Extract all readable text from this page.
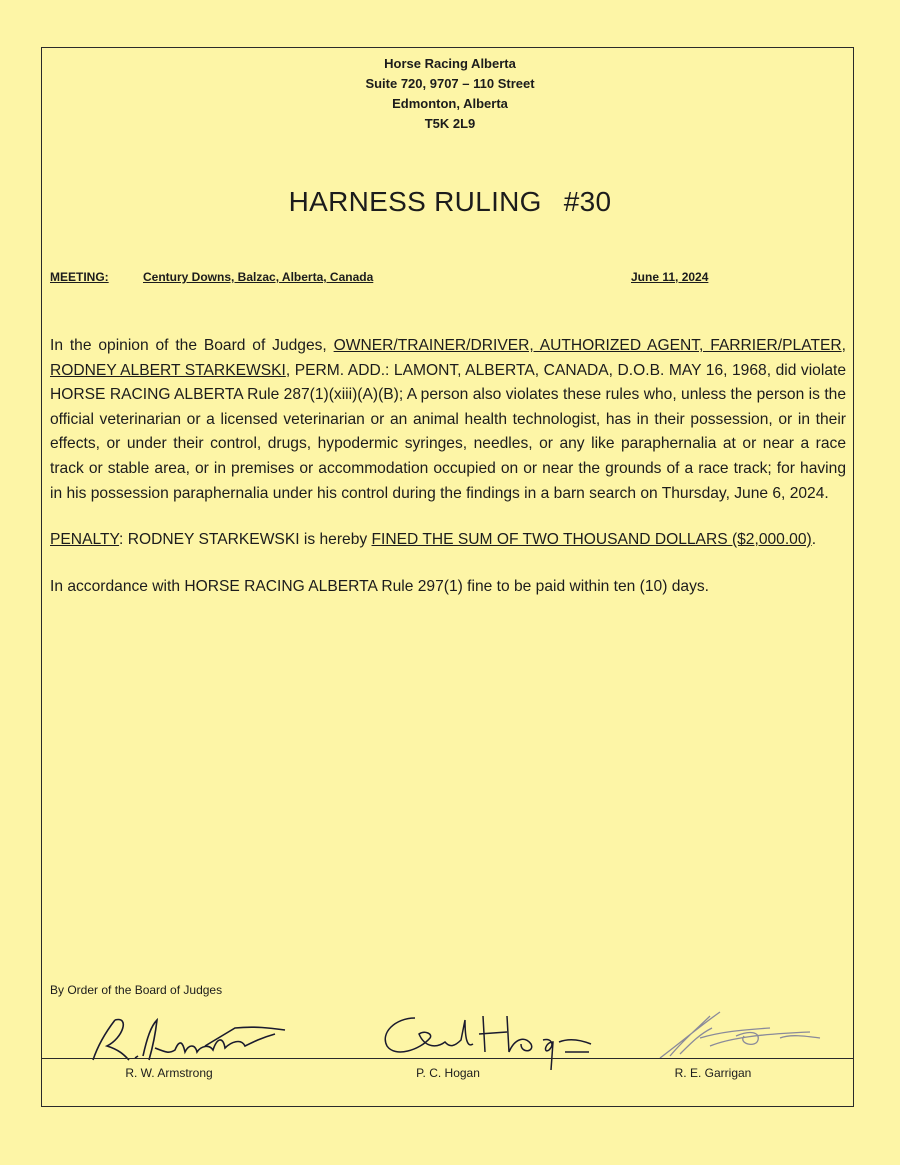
Horse Racing Alberta
Suite 720, 9707 – 110 Street
Edmonton, Alberta
T5K 2L9
HARNESS RULING #30
MEETING:	Century Downs, Balzac, Alberta, Canada	June 11, 2024

In the opinion of the Board of Judges, OWNER/TRAINER/DRIVER, AUTHORIZED AGENT, FARRIER/PLATER, RODNEY ALBERT STARKEWSKI, PERM. ADD.: LAMONT, ALBERTA, CANADA, D.O.B. MAY 16, 1968, did violate HORSE RACING ALBERTA Rule 287(1)(xiii)(A)(B); A person also violates these rules who, unless the person is the official veterinarian or a licensed veterinarian or an animal health technologist, has in their possession, or in their effects, or under their control, drugs, hypodermic syringes, needles, or any like paraphernalia at or near a race track or stable area, or in premises or accommodation occupied on or near the grounds of a race track; for having in his possession paraphernalia under his control during the findings in a barn search on Thursday, June 6, 2024.

PENALTY: RODNEY STARKEWSKI is hereby FINED THE SUM OF TWO THOUSAND DOLLARS ($2,000.00).

In accordance with HORSE RACING ALBERTA Rule 297(1) fine to be paid within ten (10) days.

By Order of the Board of Judges
R. W. Armstrong	P. C. Hogan	R. E. Garrigan
